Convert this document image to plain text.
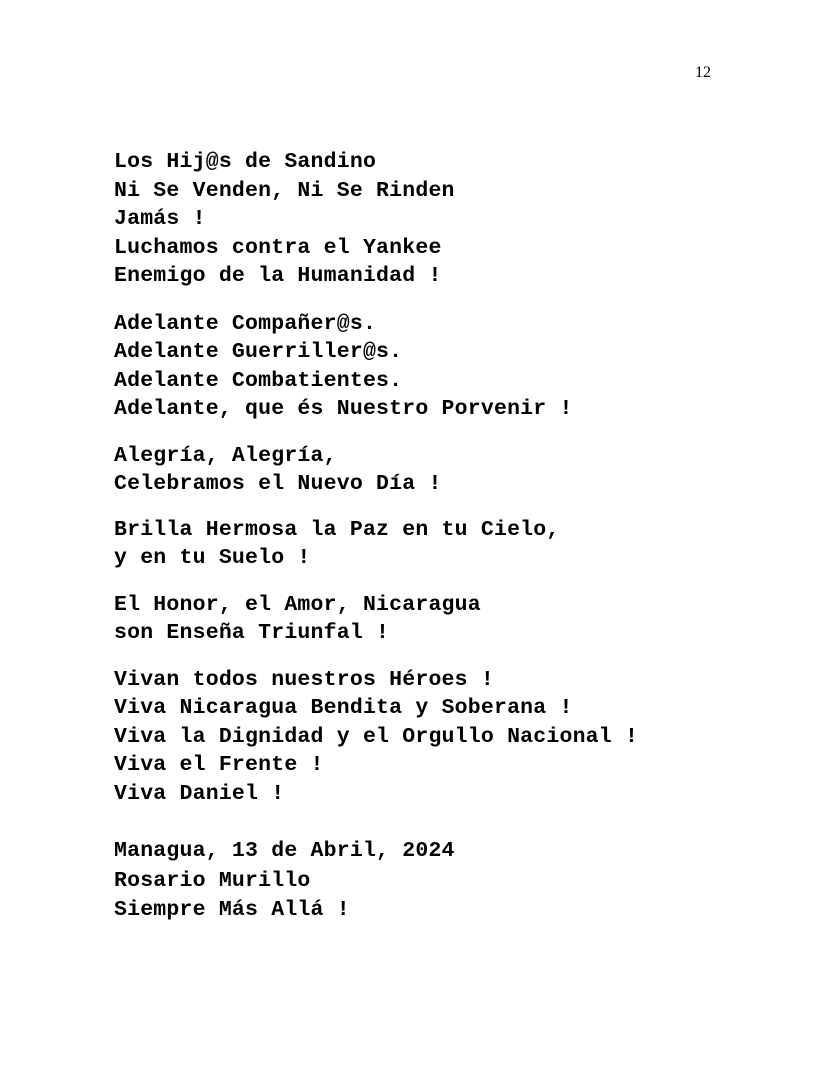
12
Los Hij@s de Sandino
Ni Se Venden, Ni Se Rinden
Jamás !
Luchamos contra el Yankee
Enemigo de la Humanidad !
Adelante Compañer@s.
Adelante Guerriller@s.
Adelante Combatientes.
Adelante, que és Nuestro Porvenir !
Alegría, Alegría,
Celebramos el Nuevo Día !
Brilla Hermosa la Paz en tu Cielo,
y en tu Suelo !
El Honor, el Amor, Nicaragua
son Enseña Triunfal !
Vivan todos nuestros Héroes !
Viva Nicaragua Bendita y Soberana !
Viva la Dignidad y el Orgullo Nacional !
Viva el Frente !
Viva Daniel !
Managua, 13 de Abril, 2024
Rosario Murillo
Siempre Más Allá !
